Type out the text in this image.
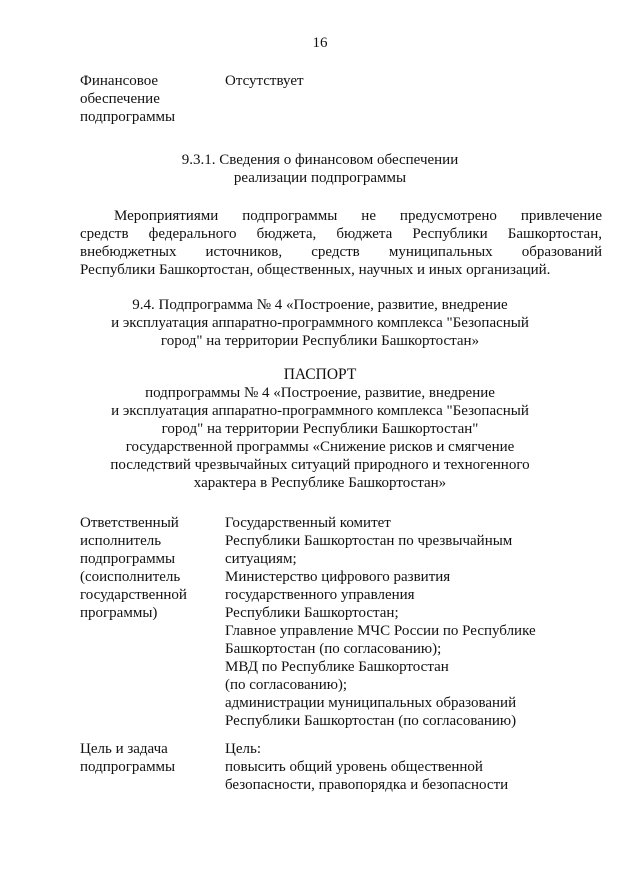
16
Финансовое
обеспечение
подпрограммы
Отсутствует
9.3.1. Сведения о финансовом обеспечении
реализации подпрограммы
Мероприятиями подпрограммы не предусмотрено привлечение
средств федерального бюджета, бюджета Республики Башкортостан,
внебюджетных источников, средств муниципальных образований
Республики Башкортостан, общественных, научных и иных организаций.
9.4. Подпрограмма № 4 «Построение, развитие, внедрение
и эксплуатация аппаратно-программного комплекса "Безопасный
город" на территории Республики Башкортостан»
ПАСПОРТ
подпрограммы № 4 «Построение, развитие, внедрение
и эксплуатация аппаратно-программного комплекса "Безопасный
город" на территории Республики Башкортостан"
государственной программы «Снижение рисков и смягчение
последствий чрезвычайных ситуаций природного и техногенного
характера в Республике Башкортостан»
Ответственный
исполнитель
подпрограммы
(соисполнитель
государственной
программы)
Государственный комитет
Республики Башкортостан по чрезвычайным
ситуациям;
Министерство цифрового развития
государственного управления
Республики Башкортостан;
Главное управление МЧС России по Республике
Башкортостан (по согласованию);
МВД по Республике Башкортостан
(по согласованию);
администрации муниципальных образований
Республики Башкортостан (по согласованию)
Цель и задача
подпрограммы
Цель:
повысить общий уровень общественной
безопасности, правопорядка и безопасности
